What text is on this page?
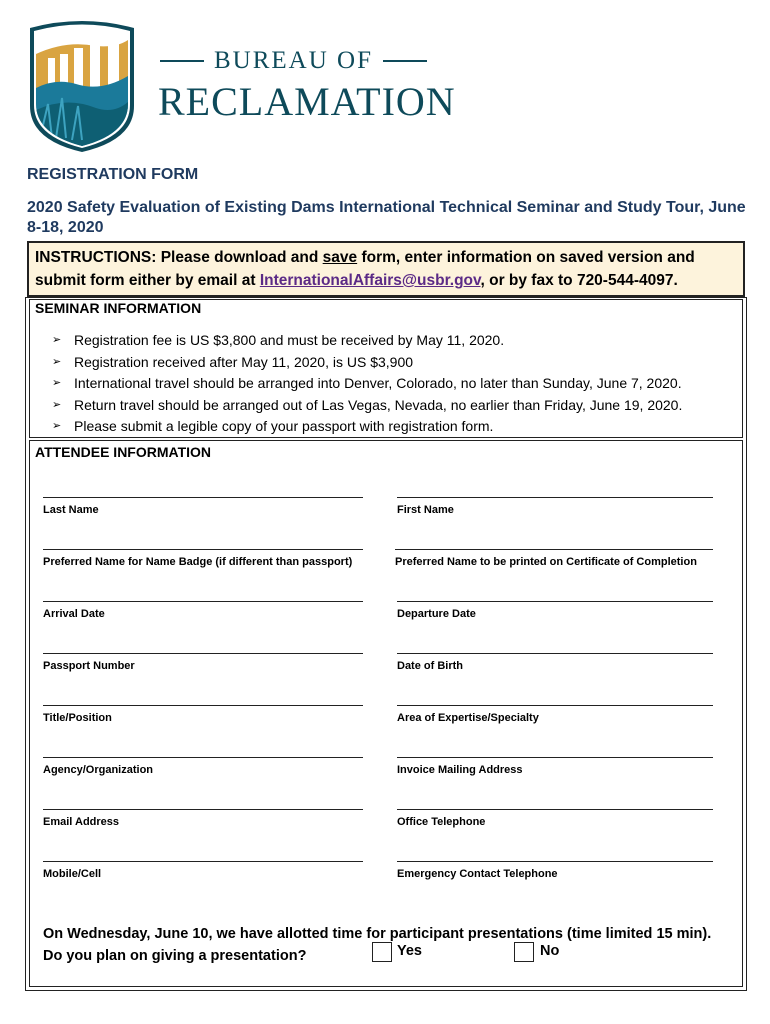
BUREAU OF
RECLAMATION
REGISTRATION FORM
2020 Safety Evaluation of Existing Dams International Technical Seminar and Study Tour, June 8-18, 2020
INSTRUCTIONS: Please download and save form, enter information on saved version and submit form either by email at InternationalAffairs@usbr.gov, or by fax to 720-544-4097.
SEMINAR INFORMATION
➢ Registration fee is US $3,800 and must be received by May 11, 2020.
➢ Registration received after May 11, 2020, is US $3,900
➢ International travel should be arranged into Denver, Colorado, no later than Sunday, June 7, 2020.
➢ Return travel should be arranged out of Las Vegas, Nevada, no earlier than Friday, June 19, 2020.
➢ Please submit a legible copy of your passport with registration form.
ATTENDEE INFORMATION
Last Name	First Name
Preferred Name for Name Badge (if different than passport)	Preferred Name to be printed on Certificate of Completion
Arrival Date	Departure Date
Passport Number	Date of Birth
Title/Position	Area of Expertise/Specialty
Agency/Organization	Invoice Mailing Address
Email Address	Office Telephone
Mobile/Cell	Emergency Contact Telephone
On Wednesday, June 10, we have allotted time for participant presentations (time limited 15 min).
Do you plan on giving a presentation?	Yes	No
